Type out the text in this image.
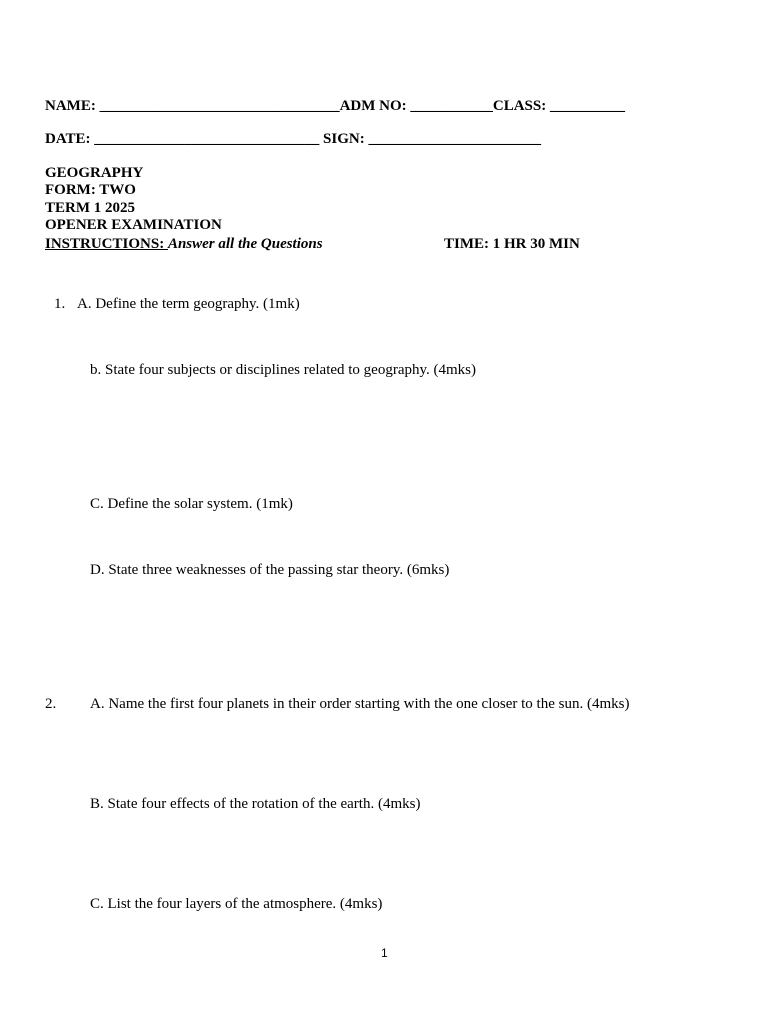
NAME: ________________________________ADM NO: ___________CLASS: __________
DATE: ______________________________ SIGN: _______________________
GEOGRAPHY
FORM: TWO
TERM 1 2025
OPENER EXAMINATION
INSTRUCTIONS: Answer all the Questions	TIME: 1 HR 30 MIN
1. A. Define the term geography. (1mk)
b. State four subjects or disciplines related to geography. (4mks)
C. Define the solar system. (1mk)
D. State three weaknesses of the passing star theory. (6mks)
2. A. Name the first four planets in their order starting with the one closer to the sun. (4mks)
B. State four effects of the rotation of the earth. (4mks)
C. List the four layers of the atmosphere. (4mks)
1
